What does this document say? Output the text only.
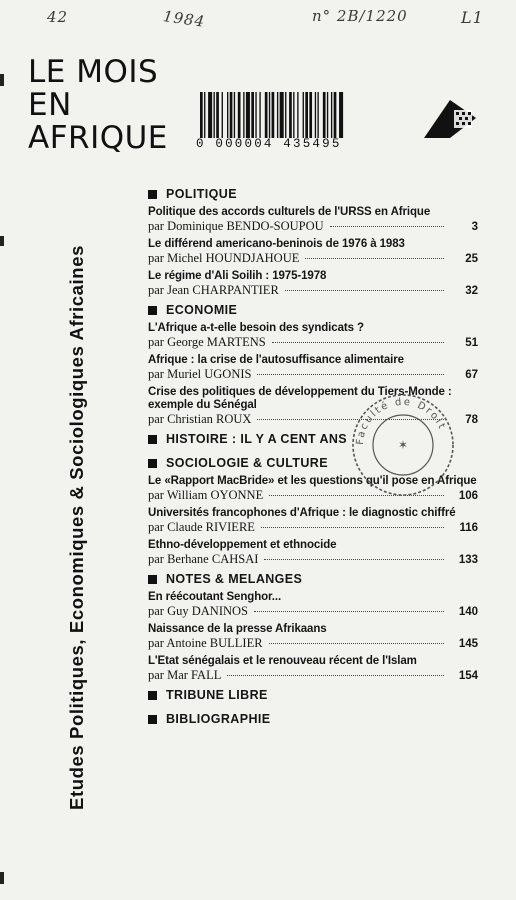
42	1984	n° 2B/1220	L1
LE MOIS
EN
AFRIQUE	0 000004 435495
Etudes Politiques, Economiques & Sociologiques Africaines
POLITIQUE
Politique des accords culturels de l'URSS en Afrique
par Dominique BENDO-SOUPOU	3
Le différend americano-beninois de 1976 à 1983
par Michel HOUNDJAHOUE	25
Le régime d'Ali Soilih : 1975-1978
par Jean CHARPANTIER	32
ECONOMIE
L'Afrique a-t-elle besoin des syndicats ?
par George MARTENS	51
Afrique : la crise de l'autosuffisance alimentaire
par Muriel UGONIS	67
Crise des politiques de développement du Tiers-Monde : exemple du Sénégal
par Christian ROUX	78
HISTOIRE : IL Y A CENT ANS
SOCIOLOGIE & CULTURE
Le «Rapport MacBride» et les questions qu'il pose en Afrique
par William OYONNE	106
Universités francophones d'Afrique : le diagnostic chiffré
par Claude RIVIERE	116
Ethno-développement et ethnocide
par Berhane CAHSAI	133
NOTES & MELANGES
En réécoutant Senghor...
par Guy DANINOS	140
Naissance de la presse Afrikaans
par Antoine BULLIER	145
L'Etat sénégalais et le renouveau récent de l'Islam
par Mar FALL	154
TRIBUNE LIBRE
BIBLIOGRAPHIE
Faculté de Droit
✶
